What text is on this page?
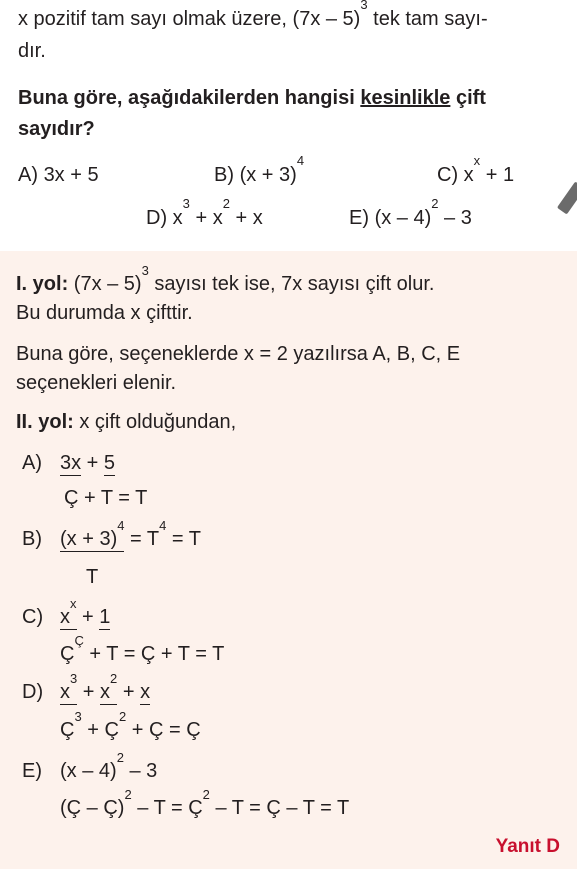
x pozitif tam sayı olmak üzere, (7x – 5)$^3$ tek tam sayı-
dır.
Buna göre, aşağıdakilerden hangisi kesinlikle çift
sayıdır?
A) 3x + 5	B) $(x + 3)^4$
C) $x^x + 1$
D) $x^3 + x^2 + x$	E) (x – 4)$^2$ – 3
I. yol: (7x – 5)$^3$ sayısı tek ise, 7x sayısı çift olur.
Bu durumda x çifttir.
Buna göre, seçeneklerde x = 2 yazılırsa A, B, C, E
seçenekleri elenir.
II. yol: x çift olduğundan,
A) 3x + 5
Ç + T = T
B) $(x + 3)^4 = T^4 = T$
T
C) $x^x + 1$
$Ç^Ç + T$ = Ç + T = T
D) $x^3 + x^2 + x$
$Ç^3$ + $Ç^2$ + Ç = Ç
E) (x – 4)$^2$ – 3
(Ç – Ç)$^2$ – $T = Ç^2 - T$ = Ç – T = T
Yanıt D
